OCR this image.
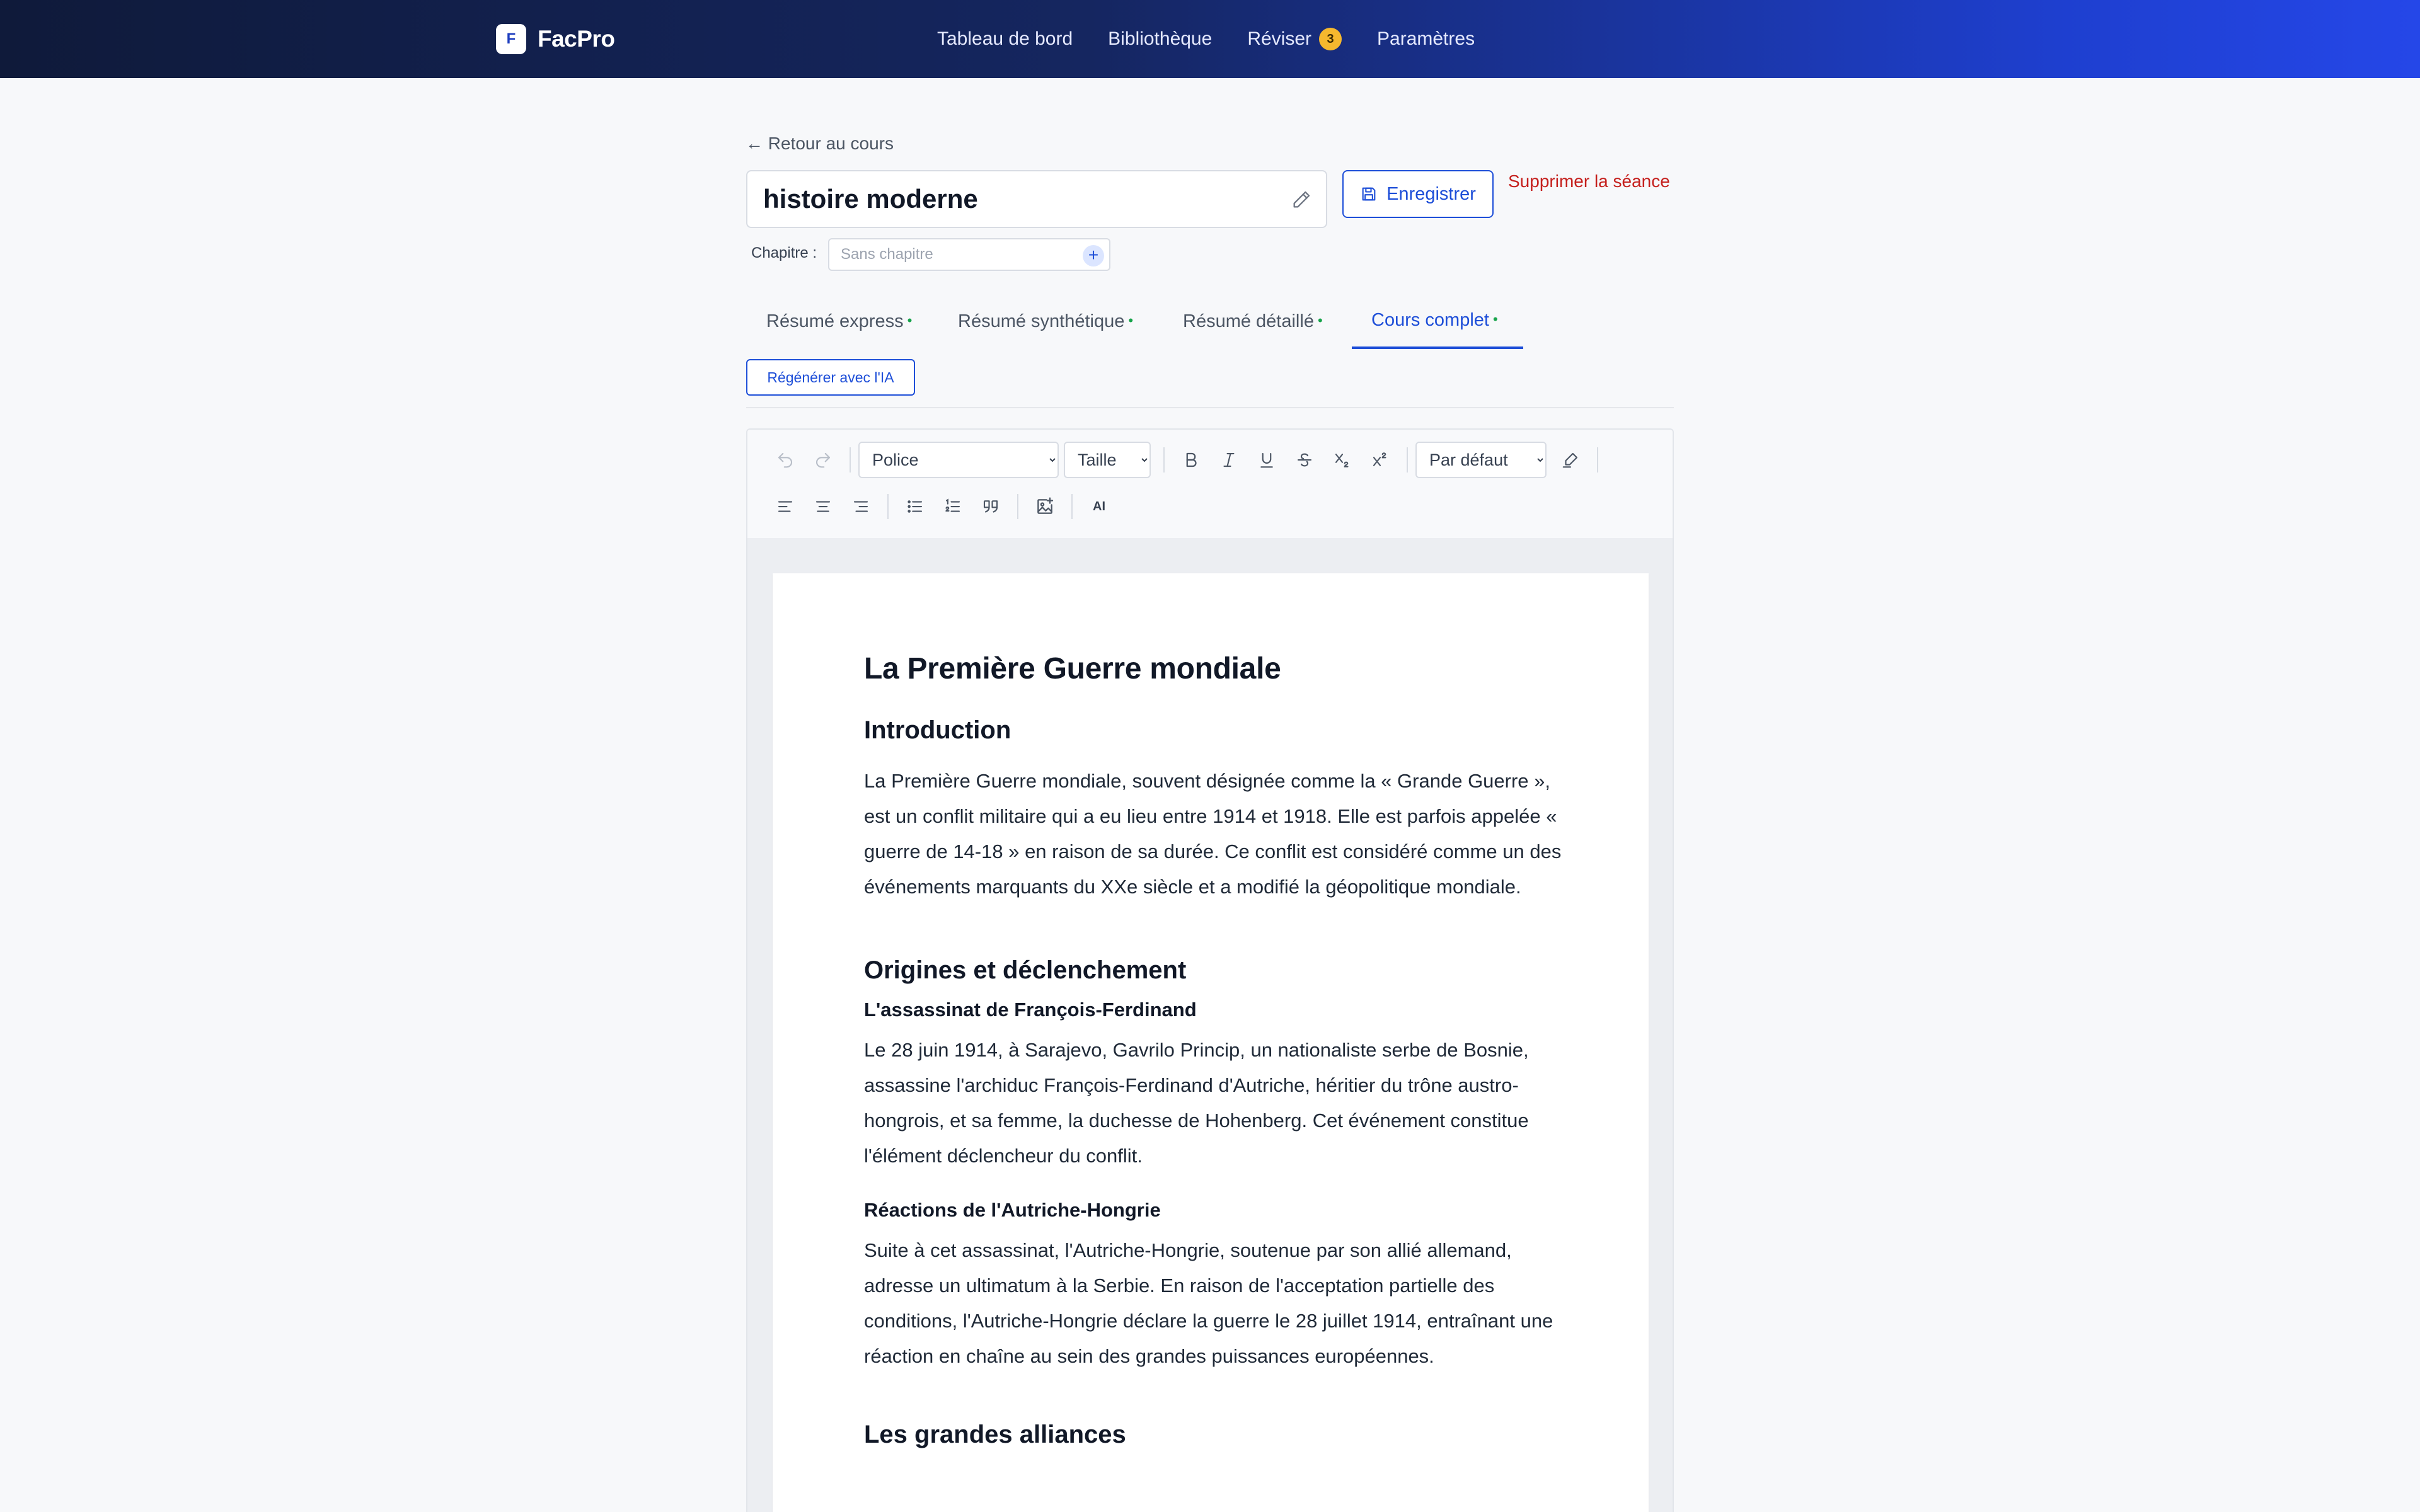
F FacPro	Tableau de bord Bibliothèque Réviser	3	Paramètres
← Retour au cours
histoire moderne
Enregistrer
Supprimer la séance
Chapitre :
Sans chapitre	+
Résumé express •	Résumé synthétique •	Résumé détaillé •	Cours complet •
Régénérer avec l'IA
Police
Taille
Par défaut
AI
La Première Guerre mondiale
Introduction

La Première Guerre mondiale, souvent désignée comme la « Grande Guerre », est un conflit militaire qui a eu lieu entre 1914 et 1918. Elle est parfois appelée « guerre de 14-18 » en raison de sa durée. Ce conflit est considéré comme un des événements marquants du XXe siècle et a modifié la géopolitique mondiale.

Origines et déclenchement
L'assassinat de François-Ferdinand

Le 28 juin 1914, à Sarajevo, Gavrilo Princip, un nationaliste serbe de Bosnie, assassine l'archiduc François-Ferdinand d'Autriche, héritier du trône austro-hongrois, et sa femme, la duchesse de Hohenberg. Cet événement constitue l'élément déclencheur du conflit.

Réactions de l'Autriche-Hongrie

Suite à cet assassinat, l'Autriche-Hongrie, soutenue par son allié allemand, adresse un ultimatum à la Serbie. En raison de l'acceptation partielle des conditions, l'Autriche-Hongrie déclare la guerre le 28 juillet 1914, entraînant une réaction en chaîne au sein des grandes puissances européennes.

Les grandes alliances
